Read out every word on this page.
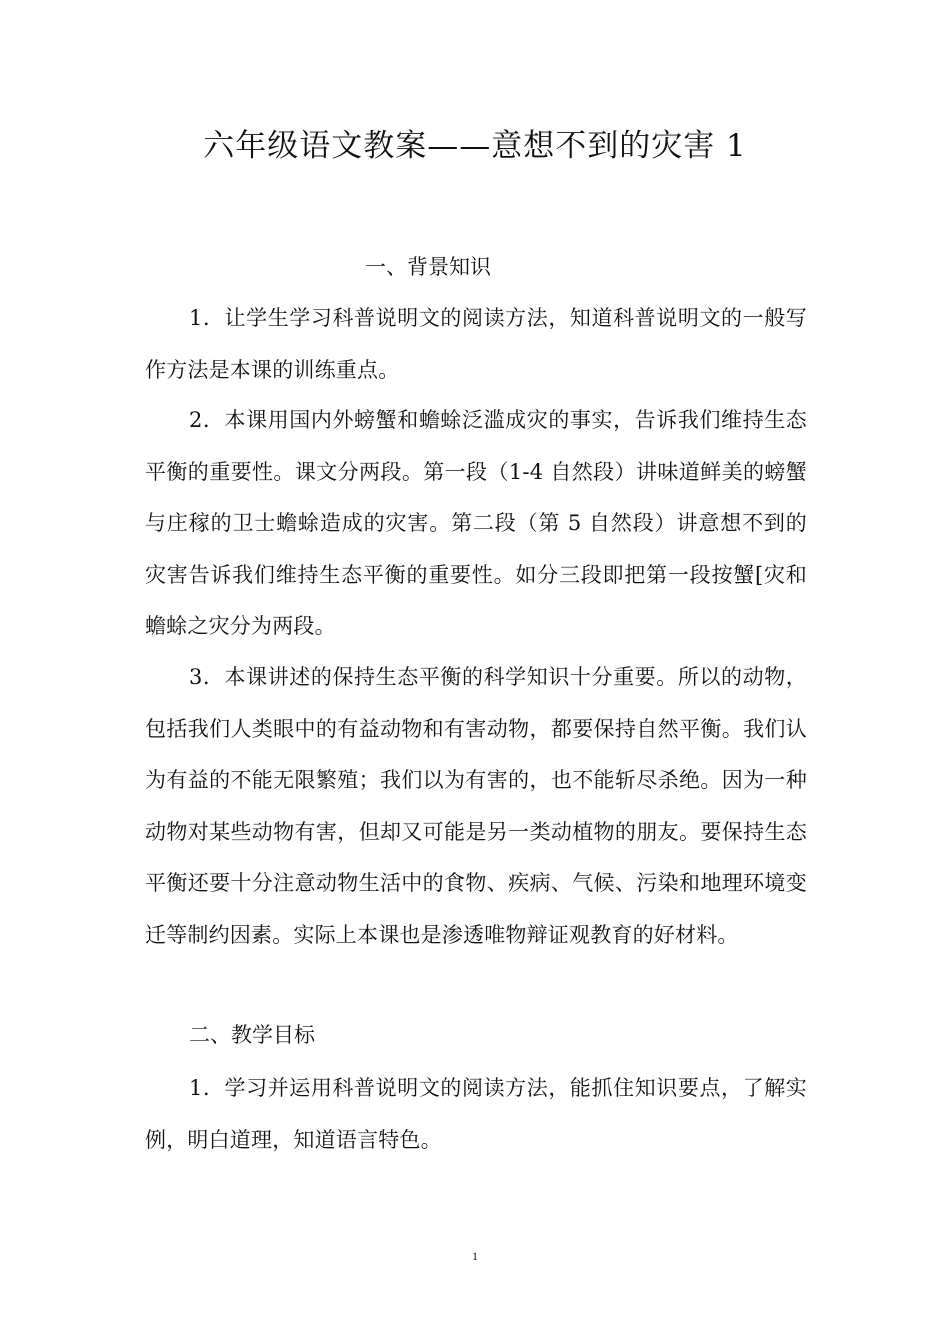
六年级语文教案——意想不到的灾害 1

一、背景知识

1．让学生学习科普说明文的阅读方法，知道科普说明文的一般写作方法是本课的训练重点。

2．本课用国内外螃蟹和蟾蜍泛滥成灾的事实，告诉我们维持生态平衡的重要性。课文分两段。第一段（1-4 自然段）讲味道鲜美的螃蟹与庄稼的卫士蟾蜍造成的灾害。第二段（第 5 自然段）讲意想不到的灾害告诉我们维持生态平衡的重要性。如分三段即把第一段按蟹[灾和蟾蜍之灾分为两段。

3．本课讲述的保持生态平衡的科学知识十分重要。所以的动物，包括我们人类眼中的有益动物和有害动物，都要保持自然平衡。我们认为有益的不能无限繁殖；我们以为有害的，也不能斩尽杀绝。因为一种动物对某些动物有害，但却又可能是另一类动植物的朋友。要保持生态平衡还要十分注意动物生活中的食物、疾病、气候、污染和地理环境变迁等制约因素。实际上本课也是渗透唯物辩证观教育的好材料。

二、教学目标

1．学习并运用科普说明文的阅读方法，能抓住知识要点，了解实例，明白道理，知道语言特色。

1
